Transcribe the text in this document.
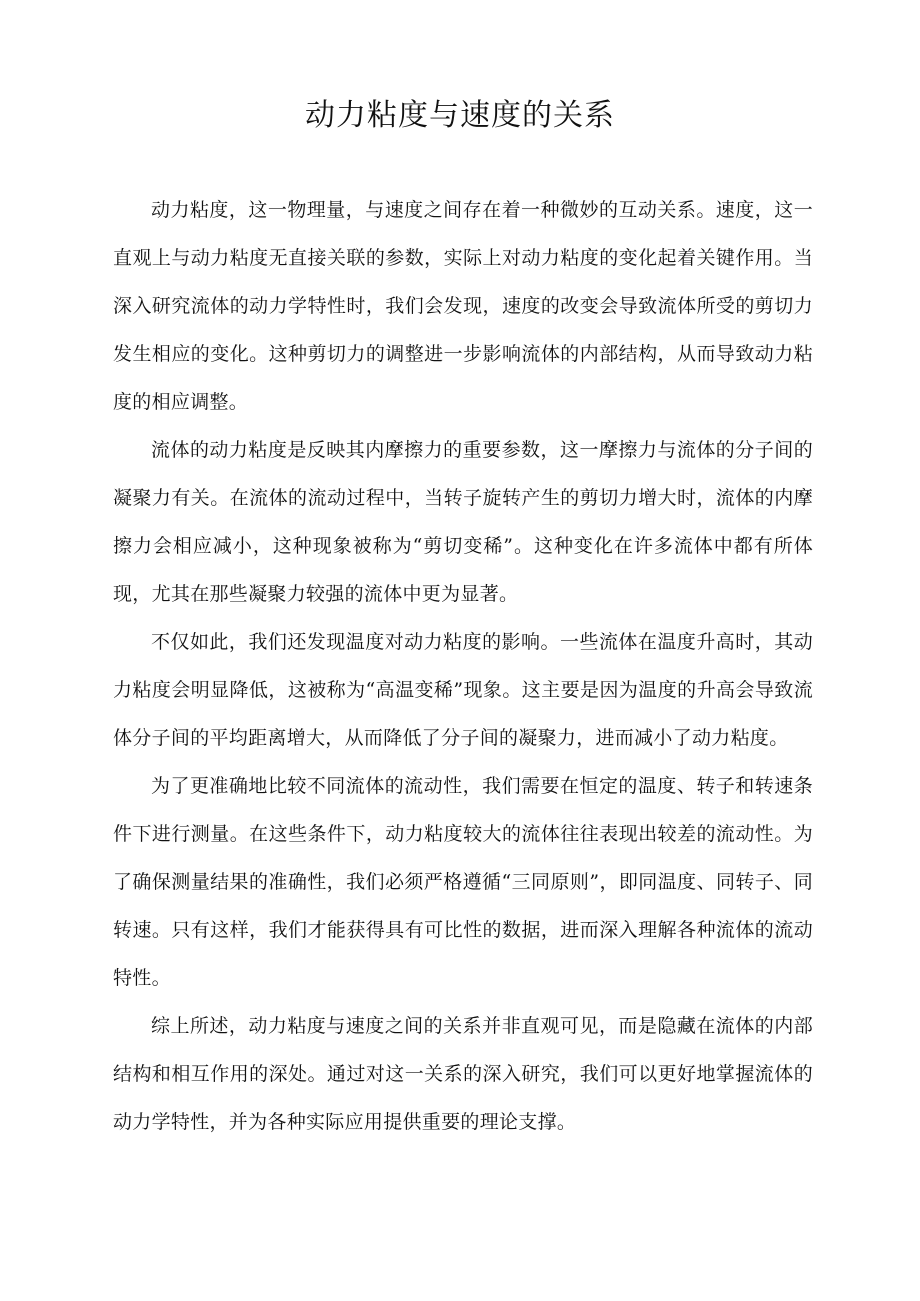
动力粘度与速度的关系

动力粘度，这一物理量，与速度之间存在着一种微妙的互动关系。速度，这一直观上与动力粘度无直接关联的参数，实际上对动力粘度的变化起着关键作用。当深入研究流体的动力学特性时，我们会发现，速度的改变会导致流体所受的剪切力发生相应的变化。这种剪切力的调整进一步影响流体的内部结构，从而导致动力粘度的相应调整。

流体的动力粘度是反映其内摩擦力的重要参数，这一摩擦力与流体的分子间的凝聚力有关。在流体的流动过程中，当转子旋转产生的剪切力增大时，流体的内摩擦力会相应减小，这种现象被称为“剪切变稀”。这种变化在许多流体中都有所体现，尤其在那些凝聚力较强的流体中更为显著。

不仅如此，我们还发现温度对动力粘度的影响。一些流体在温度升高时，其动力粘度会明显降低，这被称为“高温变稀”现象。这主要是因为温度的升高会导致流体分子间的平均距离增大，从而降低了分子间的凝聚力，进而减小了动力粘度。

为了更准确地比较不同流体的流动性，我们需要在恒定的温度、转子和转速条件下进行测量。在这些条件下，动力粘度较大的流体往往表现出较差的流动性。为了确保测量结果的准确性，我们必须严格遵循“三同原则”，即同温度、同转子、同转速。只有这样，我们才能获得具有可比性的数据，进而深入理解各种流体的流动特性。

综上所述，动力粘度与速度之间的关系并非直观可见，而是隐藏在流体的内部结构和相互作用的深处。通过对这一关系的深入研究，我们可以更好地掌握流体的动力学特性，并为各种实际应用提供重要的理论支撑。
